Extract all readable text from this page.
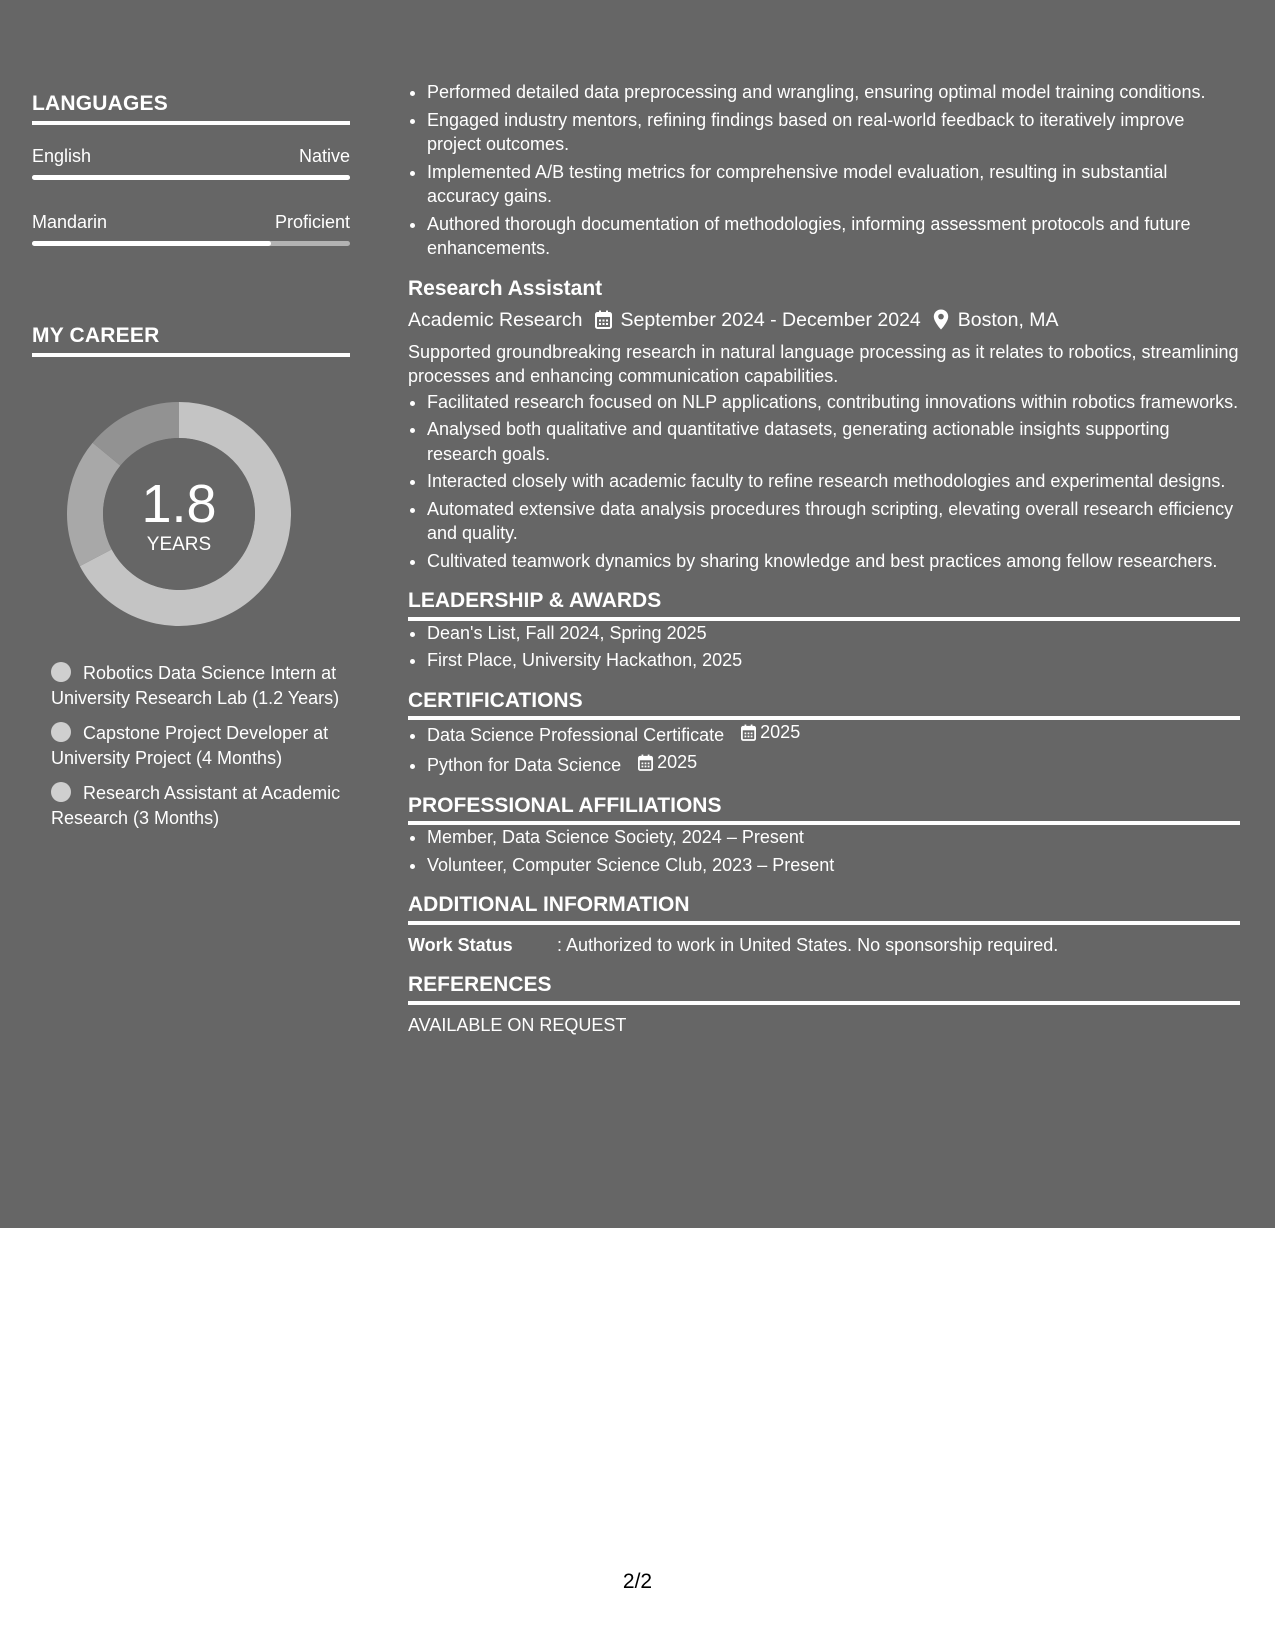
LANGUAGES
English	Native
Mandarin	Proficient
MY CAREER
1.8
YEARS
Robotics Data Science Intern at University Research Lab (1.2 Years)
Capstone Project Developer at University Project (4 Months)
Research Assistant at Academic Research (3 Months)
• Performed detailed data preprocessing and wrangling, ensuring optimal model training conditions.
• Engaged industry mentors, refining findings based on real-world feedback to iteratively improve project outcomes.
• Implemented A/B testing metrics for comprehensive model evaluation, resulting in substantial accuracy gains.
• Authored thorough documentation of methodologies, informing assessment protocols and future enhancements.
Research Assistant
Academic Research September 2024 - December 2024 Boston, MA
Supported groundbreaking research in natural language processing as it relates to robotics, streamlining processes and enhancing communication capabilities.
• Facilitated research focused on NLP applications, contributing innovations within robotics frameworks.
• Analysed both qualitative and quantitative datasets, generating actionable insights supporting research goals.
• Interacted closely with academic faculty to refine research methodologies and experimental designs.
• Automated extensive data analysis procedures through scripting, elevating overall research efficiency and quality.
• Cultivated teamwork dynamics by sharing knowledge and best practices among fellow researchers.
LEADERSHIP & AWARDS
• Dean's List, Fall 2024, Spring 2025
• First Place, University Hackathon, 2025
CERTIFICATIONS
• Data Science Professional Certificate 2025
• Python for Data Science 2025
PROFESSIONAL AFFILIATIONS
• Member, Data Science Society, 2024 – Present
• Volunteer, Computer Science Club, 2023 – Present
ADDITIONAL INFORMATION
Work Status	: Authorized to work in United States. No sponsorship required.
REFERENCES
AVAILABLE ON REQUEST
2/2
